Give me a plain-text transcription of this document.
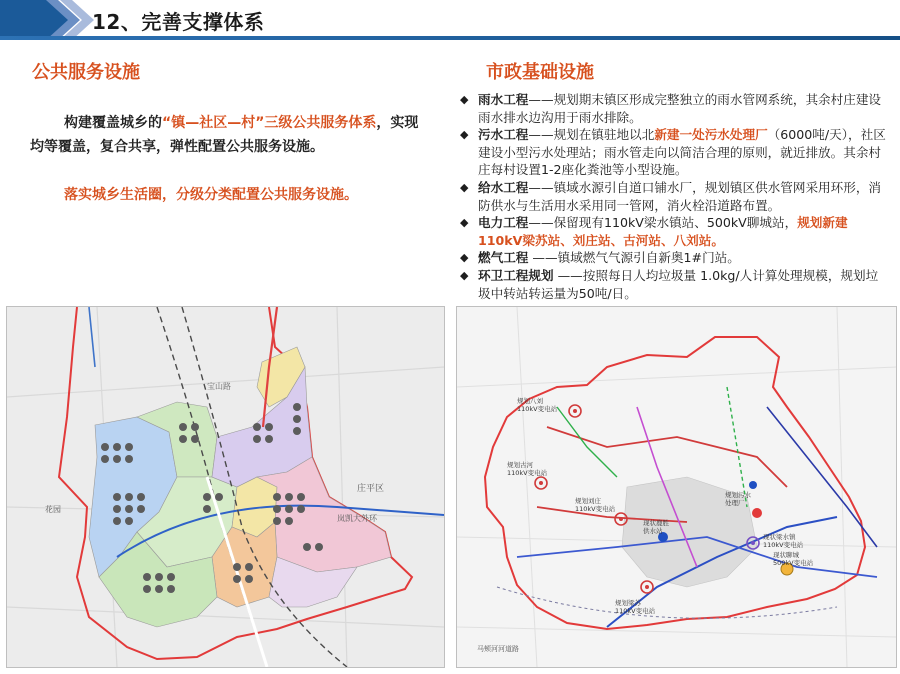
12、完善支撑体系
公共服务设施
构建覆盖城乡的“镇—社区—村”三级公共服务体系，实现均等覆盖，复合共享，弹性配置公共服务设施。
落实城乡生活圈，分级分类配置公共服务设施。
市政基础设施
◆ 雨水工程——规划期末镇区形成完整独立的雨水管网系统，其余村庄建设 雨水排水边沟用于雨水排除。
◆ 污水工程——规划在镇驻地以北新建一处污水处理厂（6000吨/天），社区建设小型污水处理站；雨水管走向以简洁合理的原则，就近排放。其余村庄每村设置1-2座化粪池等小型设施。
◆ 给水工程——镇域水源引自道口铺水厂，规划镇区供水管网采用环形，消防供水与生活用水采用同一管网，消火栓沿道路布置。
◆ 电力工程——保留现有110kV梁水镇站、500kV聊城站，规划新建110kV梁苏站、刘庄站、古河站、八刘站。
◆ 燃气工程 ——镇域燃气气源引自新奥1#门站。
◆ 环卫工程规划 ——按照每日人均垃圾量 1.0kg/人计算处理规模，规划垃圾中转站转运量为50吨/日。
庄平区
岚凯大外环
花园
宝山路
规划八刘 110kV变电站
规划古河 110kV变电站
规划刘庄 110kV变电站
现状鹿胜供水站
规划梁苏 110kV变电站
现状梁水镇 110kV变电站
现状聊城 500kV变电站
规划污水处理厂
马颊河河道路
